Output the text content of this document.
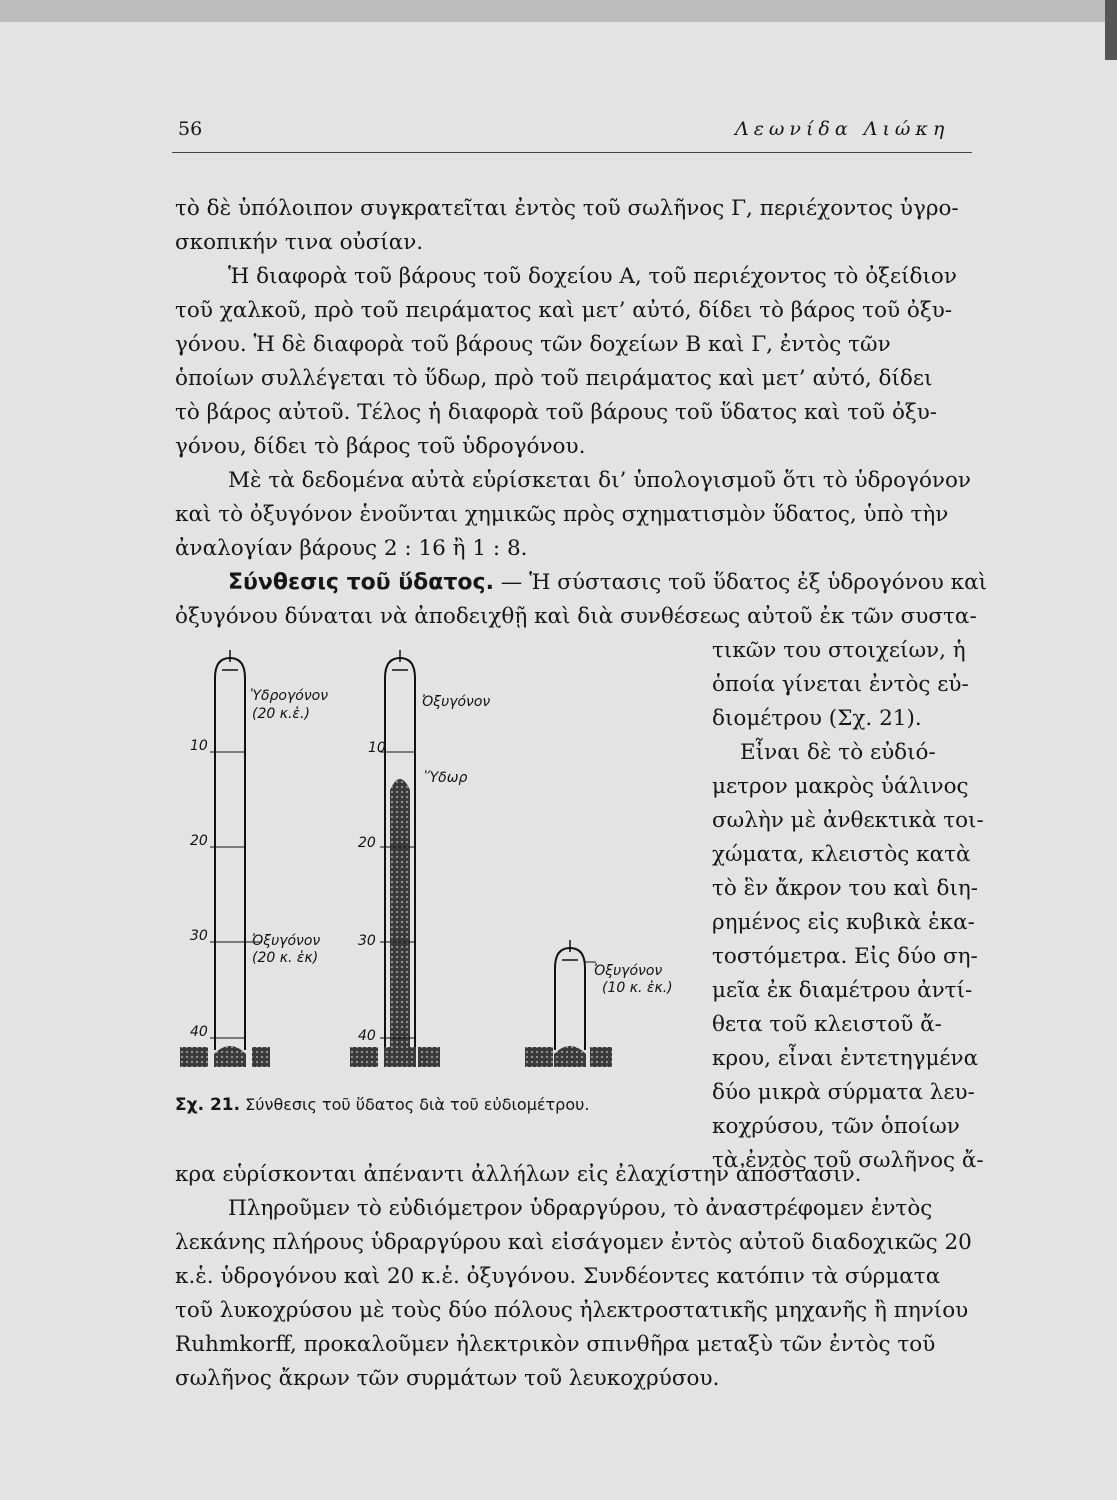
56	Λεωνίδα Λιώκη
τὸ δὲ ὑπόλοιπον συγκρατεῖται ἐντὸς τοῦ σωλῆνος Γ, περιέχοντος ὑγρο-
σκοπικήν τινα οὐσίαν.
Ἡ διαφορὰ τοῦ βάρους τοῦ δοχείου Α, τοῦ περιέχοντος τὸ ὀξείδιον
τοῦ χαλκοῦ, πρὸ τοῦ πειράματος καὶ μετ’ αὐτό, δίδει τὸ βάρος τοῦ ὀξυ-
γόνου. Ἡ δὲ διαφορὰ τοῦ βάρους τῶν δοχείων Β καὶ Γ, ἐντὸς τῶν
ὁποίων συλλέγεται τὸ ὕδωρ, πρὸ τοῦ πειράματος καὶ μετ’ αὐτό, δίδει
τὸ βάρος αὐτοῦ. Τέλος ἡ διαφορὰ τοῦ βάρους τοῦ ὕδατος καὶ τοῦ ὀξυ-
γόνου, δίδει τὸ βάρος τοῦ ὑδρογόνου.
Μὲ τὰ δεδομένα αὐτὰ εὑρίσκεται δι’ ὑπολογισμοῦ ὅτι τὸ ὑδρογόνον
καὶ τὸ ὀξυγόνον ἑνοῦνται χημικῶς πρὸς σχηματισμὸν ὕδατος, ὑπὸ τὴν
ἀναλογίαν βάρους 2 : 16 ἢ 1 : 8.
Σύνθεσις τοῦ ὕδατος. — Ἡ σύστασις τοῦ ὕδατος ἐξ ὑδρογόνου καὶ
ὀξυγόνου δύναται νὰ ἀποδειχθῇ καὶ διὰ συνθέσεως αὐτοῦ ἐκ τῶν συστα-
τικῶν του στοιχείων, ἡ
ὁποία γίνεται ἐντὸς εὐ-
διομέτρου (Σχ. 21).
Εἶναι δὲ τὸ εὐδιό-
μετρον μακρὸς ὑάλινος
σωλὴν μὲ ἀνθεκτικὰ τοι-
χώματα, κλειστὸς κατὰ
τὸ ἓν ἄκρον του καὶ διη-
ρημένος εἰς κυβικὰ ἑκα-
τοστόμετρα. Εἰς δύο ση-
μεῖα ἐκ διαμέτρου ἀντί-
θετα τοῦ κλειστοῦ ἄ-
κρου, εἶναι ἐντετηγμένα
δύο μικρὰ σύρματα λευ-
κοχρύσου, τῶν ὁποίων
τὰ ἐντὸς τοῦ σωλῆνος ἄ-
Ὑδρογόνον
(20 κ.ἑ.)
10
20
30
40
Ὀξυγόνον
(20 κ. ἑκ)
Ὀξυγόνον
Ὕδωρ
10
20
30
40
Ὀξυγόνον
(10 κ. ἑκ.)
Σχ. 21. Σύνθεσις τοῦ ὕδατος διὰ τοῦ εὐδιομέτρου.
κρα εὑρίσκονται ἀπέναντι ἀλλήλων εἰς ἐλαχίστην ἀπόστασιν.
Πληροῦμεν τὸ εὐδιόμετρον ὑδραργύρου, τὸ ἀναστρέφομεν ἐντὸς
λεκάνης πλήρους ὑδραργύρου καὶ εἰσάγομεν ἐντὸς αὐτοῦ διαδοχικῶς 20
κ.ἑ. ὑδρογόνου καὶ 20 κ.ἑ. ὀξυγόνου. Συνδέοντες κατόπιν τὰ σύρματα
τοῦ λυκοχρύσου μὲ τοὺς δύο πόλους ἠλεκτροστατικῆς μηχανῆς ἢ πηνίου
Ruhmkorff, προκαλοῦμεν ἠλεκτρικὸν σπινθῆρα μεταξὺ τῶν ἐντὸς τοῦ
σωλῆνος ἄκρων τῶν συρμάτων τοῦ λευκοχρύσου.
